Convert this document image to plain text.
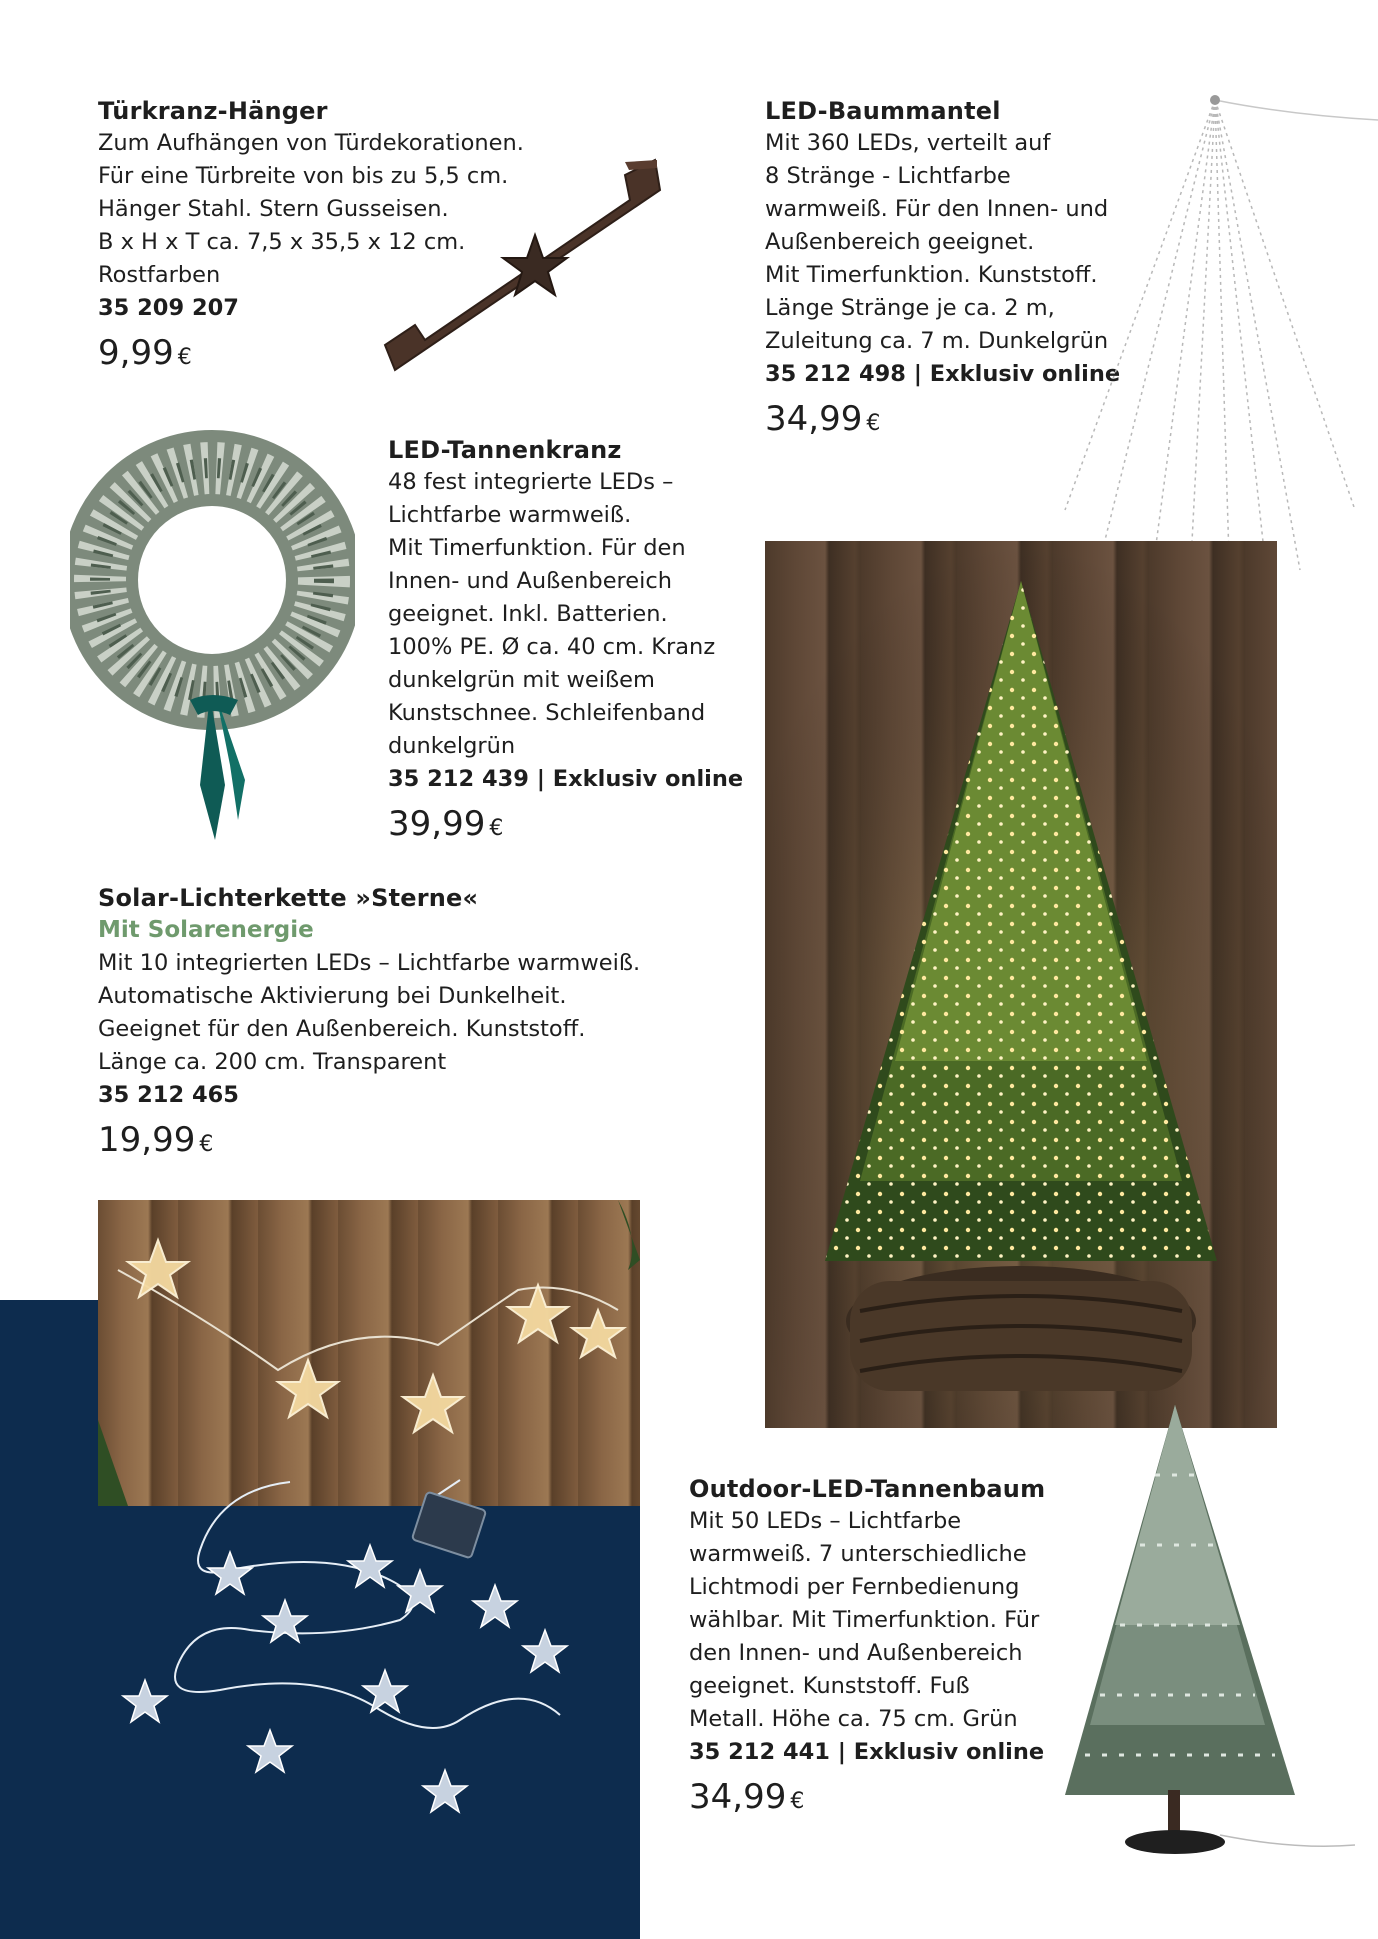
Türkranz-Hänger
Zum Aufhängen von Türdekorationen.
Für eine Türbreite von bis zu 5,5 cm.
Hänger Stahl. Stern Gusseisen.
B x H x T ca. 7,5 x 35,5 x 12 cm.
Rostfarben
35 209 207
9,99 €
LED-Baummantel
Mit 360 LEDs, verteilt auf
8 Stränge - Lichtfarbe
warmweiß. Für den Innen- und
Außenbereich geeignet.
Mit Timerfunktion. Kunststoff.
Länge Stränge je ca. 2 m,
Zuleitung ca. 7 m. Dunkelgrün
35 212 498 | Exklusiv online
34,99 €
LED-Tannenkranz
48 fest integrierte LEDs –
Lichtfarbe warmweiß.
Mit Timerfunktion. Für den
Innen- und Außenbereich
geeignet. Inkl. Batterien.
100% PE. Ø ca. 40 cm. Kranz
dunkelgrün mit weißem
Kunstschnee. Schleifenband
dunkelgrün
35 212 439 | Exklusiv online
39,99 €
Solar-Lichterkette »Sterne«
Mit Solarenergie
Mit 10 integrierten LEDs – Lichtfarbe warmweiß.
Automatische Aktivierung bei Dunkelheit.
Geeignet für den Außenbereich. Kunststoff.
Länge ca. 200 cm. Transparent
35 212 465
19,99 €
Outdoor-LED-Tannenbaum
Mit 50 LEDs – Lichtfarbe
warmweiß. 7 unterschiedliche
Lichtmodi per Fernbedienung
wählbar. Mit Timerfunktion. Für
den Innen- und Außenbereich
geeignet. Kunststoff. Fuß
Metall. Höhe ca. 75 cm. Grün
35 212 441 | Exklusiv online
34,99 €
